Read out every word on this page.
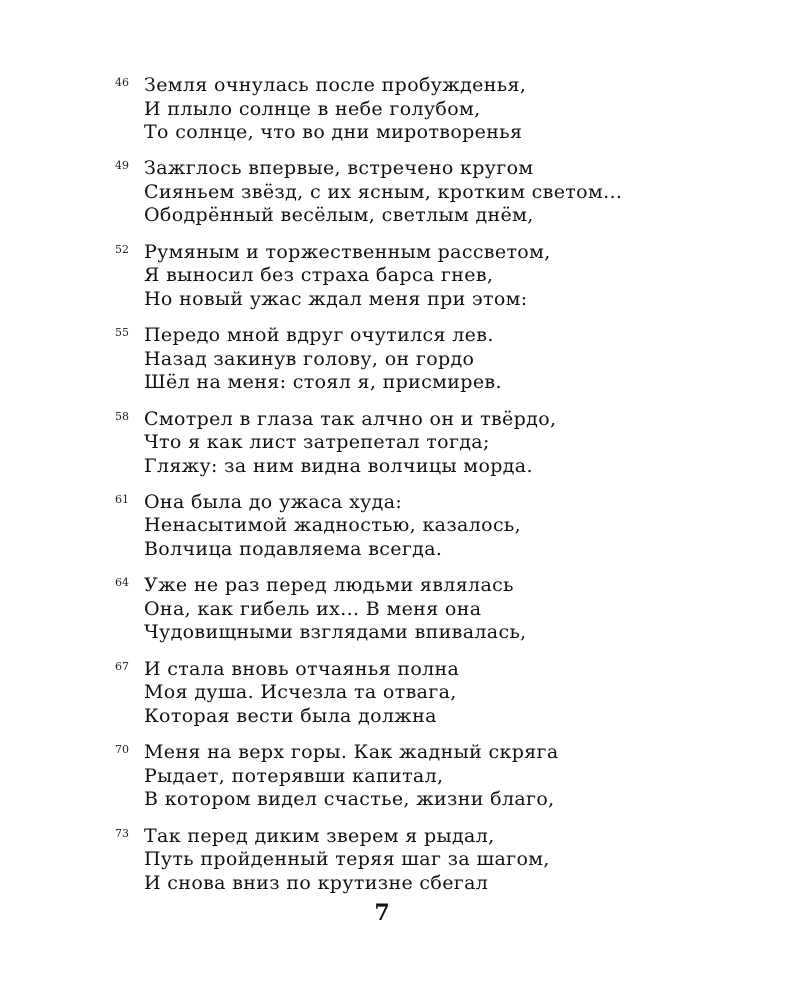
46 Земля очнулась после пробужденья,
И плыло солнце в небе голубом,
То солнце, что во дни миротворенья
49 Зажглось впервые, встречено кругом
Сияньем звёзд, с их ясным, кротким светом...
Ободрённый весёлым, светлым днём,
52 Румяным и торжественным рассветом,
Я выносил без страха барса гнев,
Но новый ужас ждал меня при этом:
55 Передо мной вдруг очутился лев.
Назад закинув голову, он гордо
Шёл на меня: стоял я, присмирев.
58 Смотрел в глаза так алчно он и твёрдо,
Что я как лист затрепетал тогда;
Гляжу: за ним видна волчицы морда.
61 Она была до ужаса худа:
Ненасытимой жадностью, казалось,
Волчица подавляема всегда.
64 Уже не раз перед людьми являлась
Она, как гибель их... В меня она
Чудовищными взглядами впивалась,
67 И стала вновь отчаянья полна
Моя душа. Исчезла та отвага,
Которая вести была должна
70 Меня на верх горы. Как жадный скряга
Рыдает, потерявши капитал,
В котором видел счастье, жизни благо,
73 Так перед диким зверем я рыдал,
Путь пройденный теряя шаг за шагом,
И снова вниз по крутизне сбегал
7
